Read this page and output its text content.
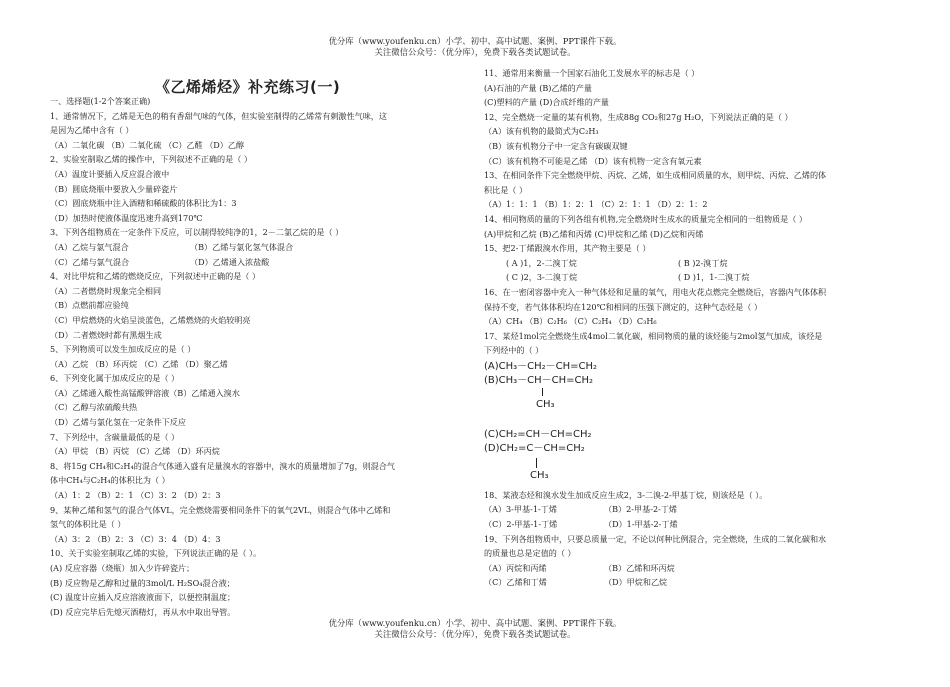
优分库（www.youfenku.cn）小学、初中、高中试题、案例、PPT课件下载。
关注微信公众号：（优分库），免费下载各类试题试卷。
《乙烯烯烃》补充练习(一)
一、选择题(1-2个答案正确)
1、通常情况下，乙烯是无色的稍有香甜气味的气体，但实验室制得的乙烯常有刺激性气味，这
是因为乙烯中含有（ ）
（A）二氧化碳 （B）二氧化硫 （C）乙醛 （D）乙醇
2、实验室制取乙烯的操作中，下列叙述不正确的是（ ）
（A）温度计要插入反应混合液中
（B）圆底烧瓶中要放入少量碎瓷片
（C）圆底烧瓶中注入酒精和稀硫酸的体积比为1：3
（D）加热时使液体温度迅速升高到170℃
3、下列各组物质在一定条件下反应，可以制得较纯净的1，2－二氯乙烷的是（ ）
（A）乙烷与氯气混合	（B）乙烯与氯化氢气体混合
（C）乙烯与氯气混合	（D）乙烯通入浓盐酸
4、对比甲烷和乙烯的燃烧反应，下列叙述中正确的是（ ）
（A）二者燃烧时现象完全相同
（B）点燃前都应验纯
（C）甲烷燃烧的火焰呈淡蓝色，乙烯燃烧的火焰较明亮
（D）二者燃烧时都有黑烟生成
5、下列物质可以发生加成反应的是（ ）
（A）乙烷 （B）环丙烷 （C）乙烯 （D）聚乙烯
6、下列变化属于加成反应的是（ ）
（A）乙烯通入酸性高锰酸钾溶液（B）乙烯通入溴水
（C）乙醇与浓硫酸共热
（D）乙烯与氯化氢在一定条件下反应
7、下列烃中，含碳量最低的是（ ）
（A）甲烷 （B）丙烷 （C）乙烯 （D）环丙烷
8、将15g CH₄和C₂H₄的混合气体通入盛有足量溴水的容器中，溴水的质量增加了7g，则混合气
体中CH₄与C₂H₄的体积比为（ ）
（A）1：2 （B）2：1 （C）3：2 （D）2：3
9、某种乙烯和氢气的混合气体VL，完全燃烧需要相同条件下的氧气2VL，则混合气体中乙烯和
氢气的体积比是（ ）
（A）3：2 （B）2：3 （C）3：4 （D）4：3
10、关于实验室制取乙烯的实验，下列说法正确的是（ ）。
(A) 反应容器（烧瓶）加入少许碎瓷片；
(B) 反应物是乙醇和过量的3mol/L H₂SO₄混合液；
(C) 温度计应插入反应溶液液面下，以便控制温度；
(D) 反应完毕后先熄灭酒精灯，再从水中取出导管。
11、通常用来衡量一个国家石油化工发展水平的标志是（ ）
(A)石油的产量 (B)乙烯的产量
(C)塑料的产量 (D)合成纤维的产量
12、完全燃烧一定量的某有机物，生成88g CO₂和27g H₂O，下列说法正确的是（ ）
（A）该有机物的最简式为C₂H₃
（B）该有机物分子中一定含有碳碳双键
（C）该有机物不可能是乙烯 （D）该有机物一定含有氧元素
13、在相同条件下完全燃烧甲烷、丙烷、乙烯，如生成相同质量的水，则甲烷、丙烷、乙烯的体
积比是（ ）
（A）1：1：1 （B）1：2：1 （C）2：1：1 （D）2：1：2
14、相同物质的量的下列各组有机物,完全燃烧时生成水的质量完全相同的一组物质是（ ）
(A)甲烷和乙烷 (B)乙烯和丙烯 (C)甲烷和乙烯 (D)乙烷和丙烯
15、把2-丁烯跟溴水作用，其产物主要是（ ）
( A )1，2-二溴丁烷	( B )2-溴丁烷
( C )2，3-二溴丁烷	( D )1，1-二溴丁烷
16、在一密闭容器中充入一种气体烃和足量的氧气，用电火花点燃完全燃烧后，容器内气体体积
保持不变，若气体体积均在120℃和相同的压强下测定的，这种气态烃是（ ）
（A）CH₄ （B）C₂H₆ （C）C₂H₄ （D）C₃H₆
17、某烃1mol完全燃烧生成4mol二氧化碳，相同物质的量的该烃能与2mol氢气加成，该烃是
下列烃中的（ ）
(A)CH₃－CH₂－CH=CH₂
(B)CH₃－CH－CH=CH₂
CH₃
(C)CH₂=CH－CH=CH₂
(D)CH₂=C－CH=CH₂
CH₃
18、某液态烃和溴水发生加成反应生成2，3-二溴-2-甲基丁烷，则该烃是（ ）。
（A）3-甲基-1-丁烯	（B）2-甲基-2-丁烯
（C）2-甲基-1-丁烯	（D）1-甲基-2-丁烯
19、下列各组物质中，只要总质量一定，不论以何种比例混合，完全燃烧，生成的二氧化碳和水
的质量也总是定值的（ ）
（A）丙烷和丙烯	（B）乙烯和环丙烷
（C）乙烯和丁烯	（D）甲烷和乙烷
优分库（www.youfenku.cn）小学、初中、高中试题、案例、PPT课件下载。
关注微信公众号：（优分库），免费下载各类试题试卷。
